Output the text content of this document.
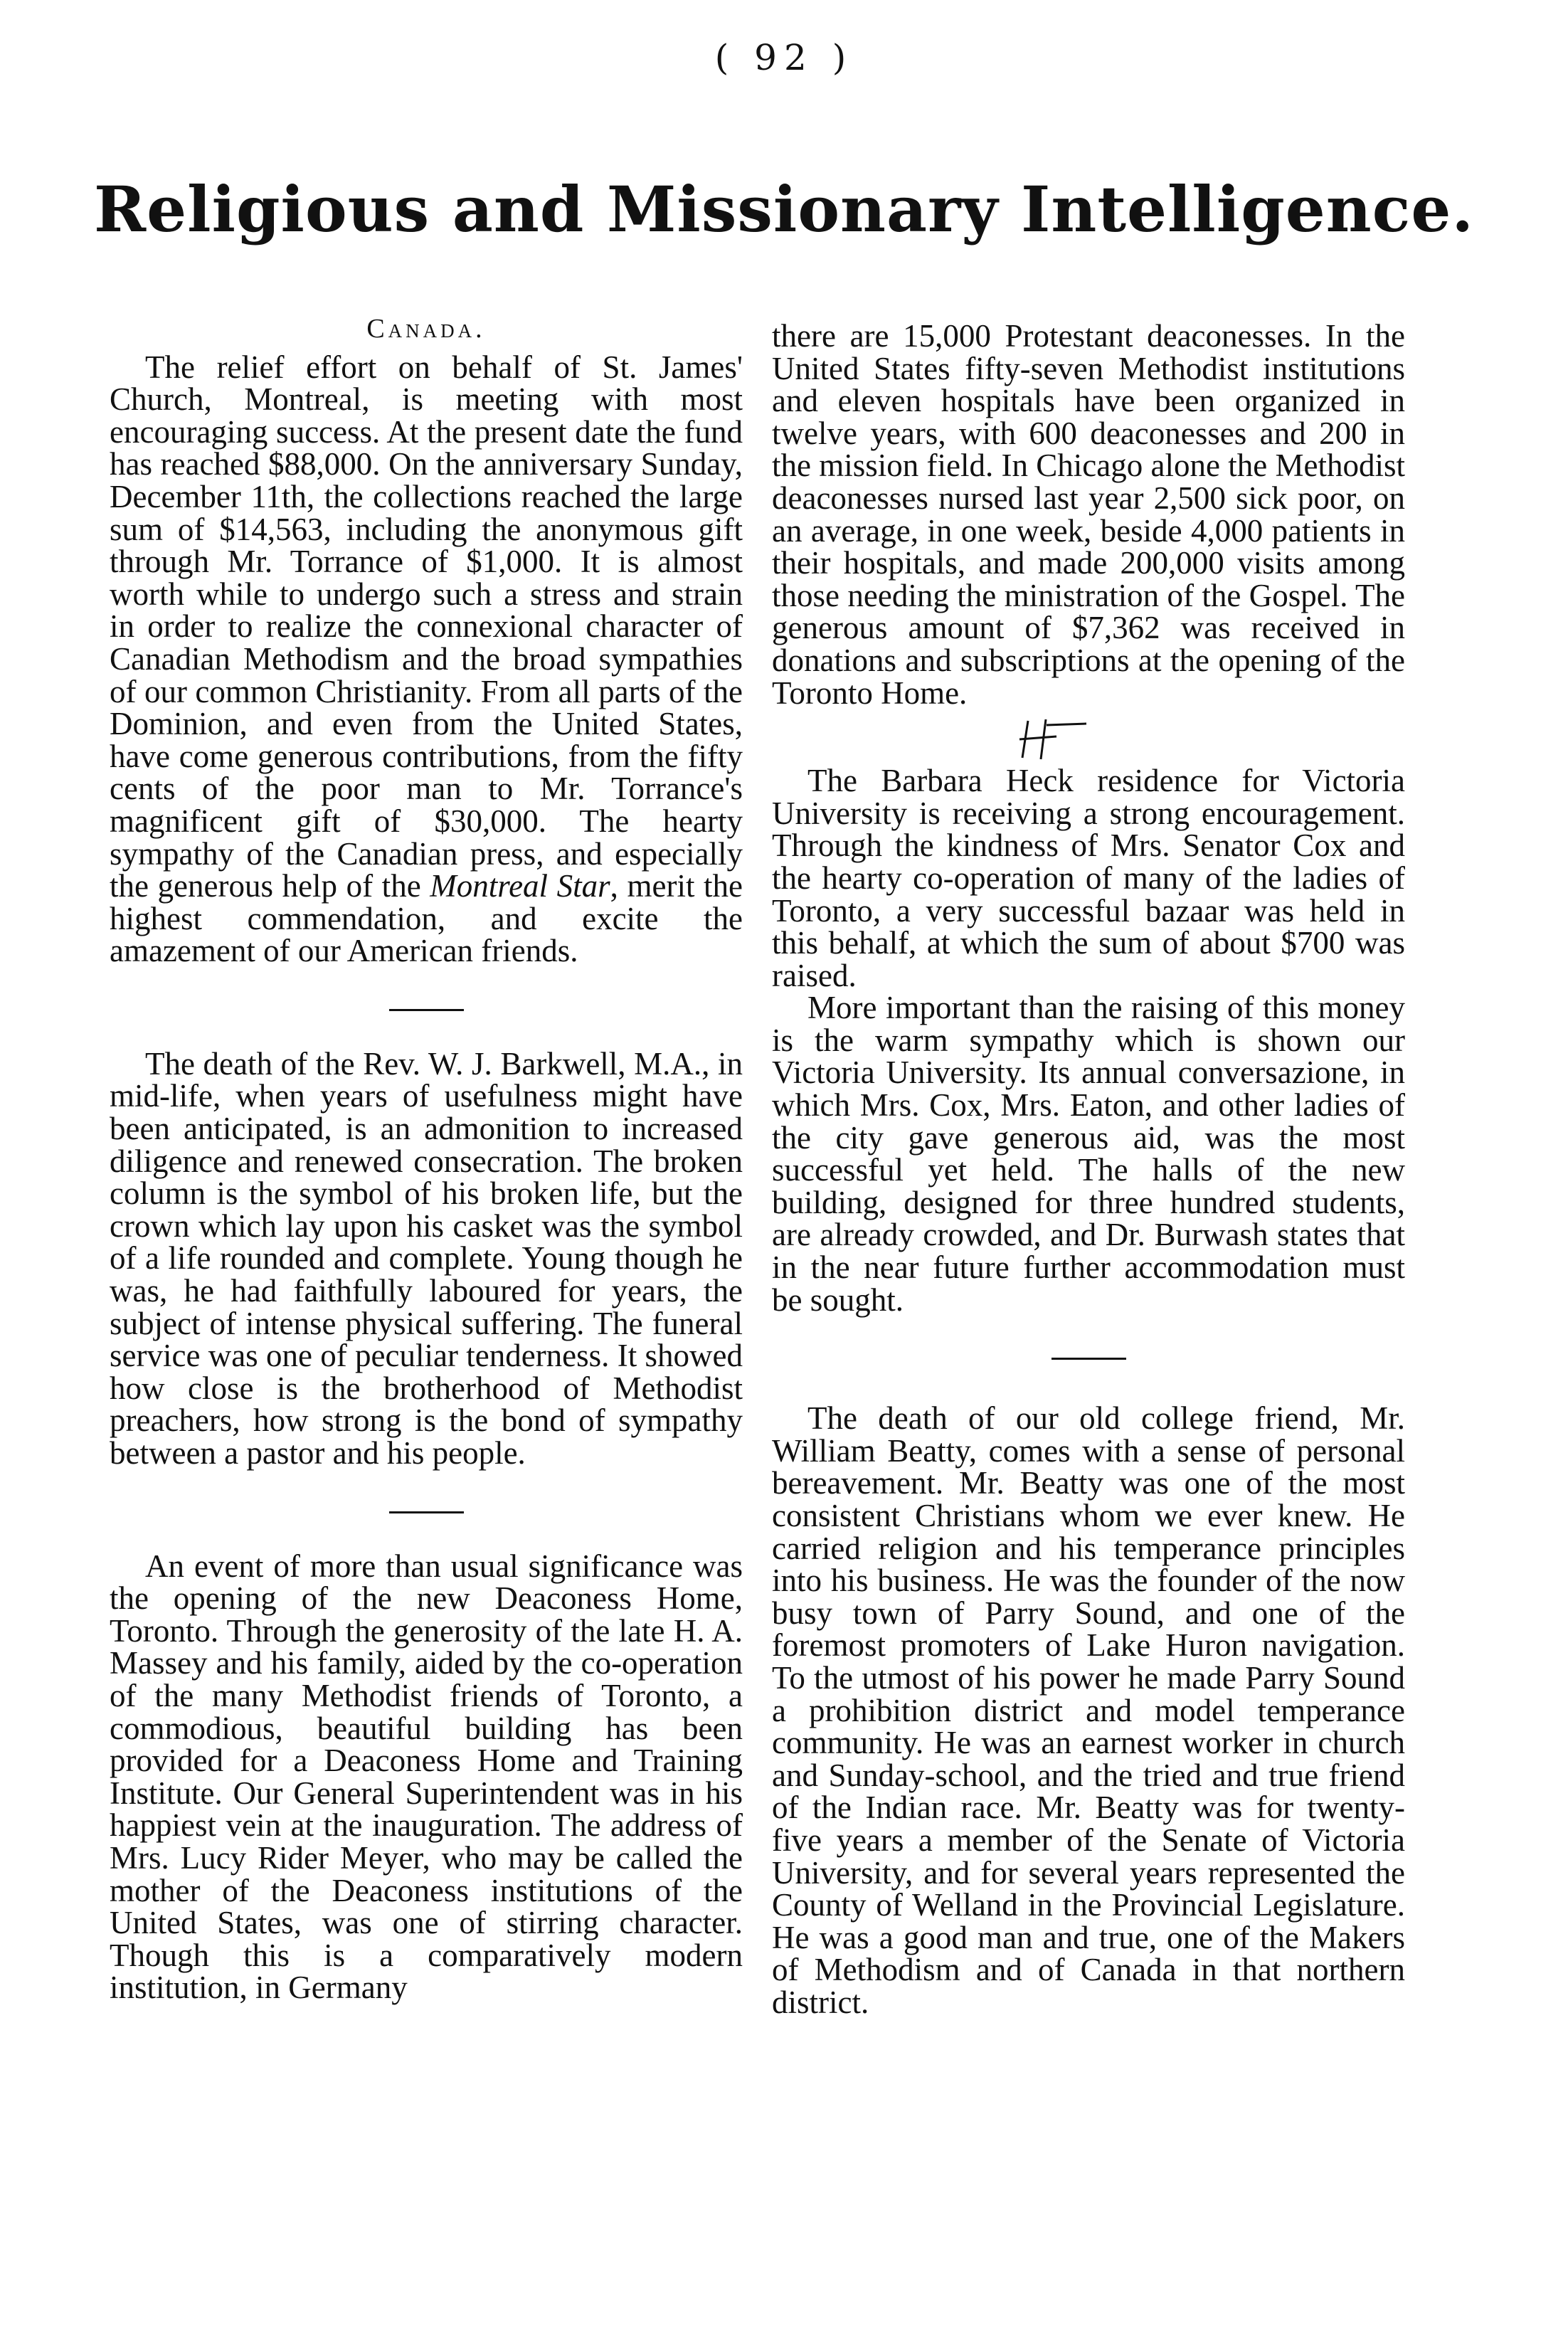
( 92 )
Religious and Missionary Intelligence.
Canada.

The relief effort on behalf of St. James' Church, Montreal, is meeting with most encouraging success. At the present date the fund has reached $88,000. On the anniversary Sunday, December 11th, the collections reached the large sum of $14,563, including the anonymous gift through Mr. Torrance of $1,000. It is almost worth while to undergo such a stress and strain in order to realize the connexional character of Canadian Methodism and the broad sympathies of our common Christianity. From all parts of the Dominion, and even from the United States, have come generous contributions, from the fifty cents of the poor man to Mr. Torrance's magnificent gift of $30,000. The hearty sympathy of the Canadian press, and especially the generous help of the Montreal Star, merit the highest commendation, and excite the amazement of our American friends.

The death of the Rev. W. J. Barkwell, M.A., in mid-life, when years of usefulness might have been anticipated, is an admonition to increased diligence and renewed consecration. The broken column is the symbol of his broken life, but the crown which lay upon his casket was the symbol of a life rounded and complete. Young though he was, he had faithfully laboured for years, the subject of intense physical suffering. The funeral service was one of peculiar tenderness. It showed how close is the brotherhood of Methodist preachers, how strong is the bond of sympathy between a pastor and his people.

An event of more than usual significance was the opening of the new Deaconess Home, Toronto. Through the generosity of the late H. A. Massey and his family, aided by the co-operation of the many Methodist friends of Toronto, a commodious, beautiful building has been provided for a Deaconess Home and Training Institute. Our General Superintendent was in his happiest vein at the inauguration. The address of Mrs. Lucy Rider Meyer, who may be called the mother of the Deaconess institutions of the United States, was one of stirring character. Though this is a comparatively modern institution, in Germany

there are 15,000 Protestant deaconesses. In the United States fifty-seven Methodist institutions and eleven hospitals have been organized in twelve years, with 600 deaconesses and 200 in the mission field. In Chicago alone the Methodist deaconesses nursed last year 2,500 sick poor, on an average, in one week, beside 4,000 patients in their hospitals, and made 200,000 visits among those needing the ministration of the Gospel. The generous amount of $7,362 was received in donations and subscriptions at the opening of the Toronto Home.

The Barbara Heck residence for Victoria University is receiving a strong encouragement. Through the kindness of Mrs. Senator Cox and the hearty co-operation of many of the ladies of Toronto, a very successful bazaar was held in this behalf, at which the sum of about $700 was raised.

More important than the raising of this money is the warm sympathy which is shown our Victoria University. Its annual conversazione, in which Mrs. Cox, Mrs. Eaton, and other ladies of the city gave generous aid, was the most successful yet held. The halls of the new building, designed for three hundred students, are already crowded, and Dr. Burwash states that in the near future further accommodation must be sought.

The death of our old college friend, Mr. William Beatty, comes with a sense of personal bereavement. Mr. Beatty was one of the most consistent Christians whom we ever knew. He carried religion and his temperance principles into his business. He was the founder of the now busy town of Parry Sound, and one of the foremost promoters of Lake Huron navigation. To the utmost of his power he made Parry Sound a prohibition district and model temperance community. He was an earnest worker in church and Sunday-school, and the tried and true friend of the Indian race. Mr. Beatty was for twenty-five years a member of the Senate of Victoria University, and for several years represented the County of Welland in the Provincial Legislature. He was a good man and true, one of the Makers of Methodism and of Canada in that northern district.
